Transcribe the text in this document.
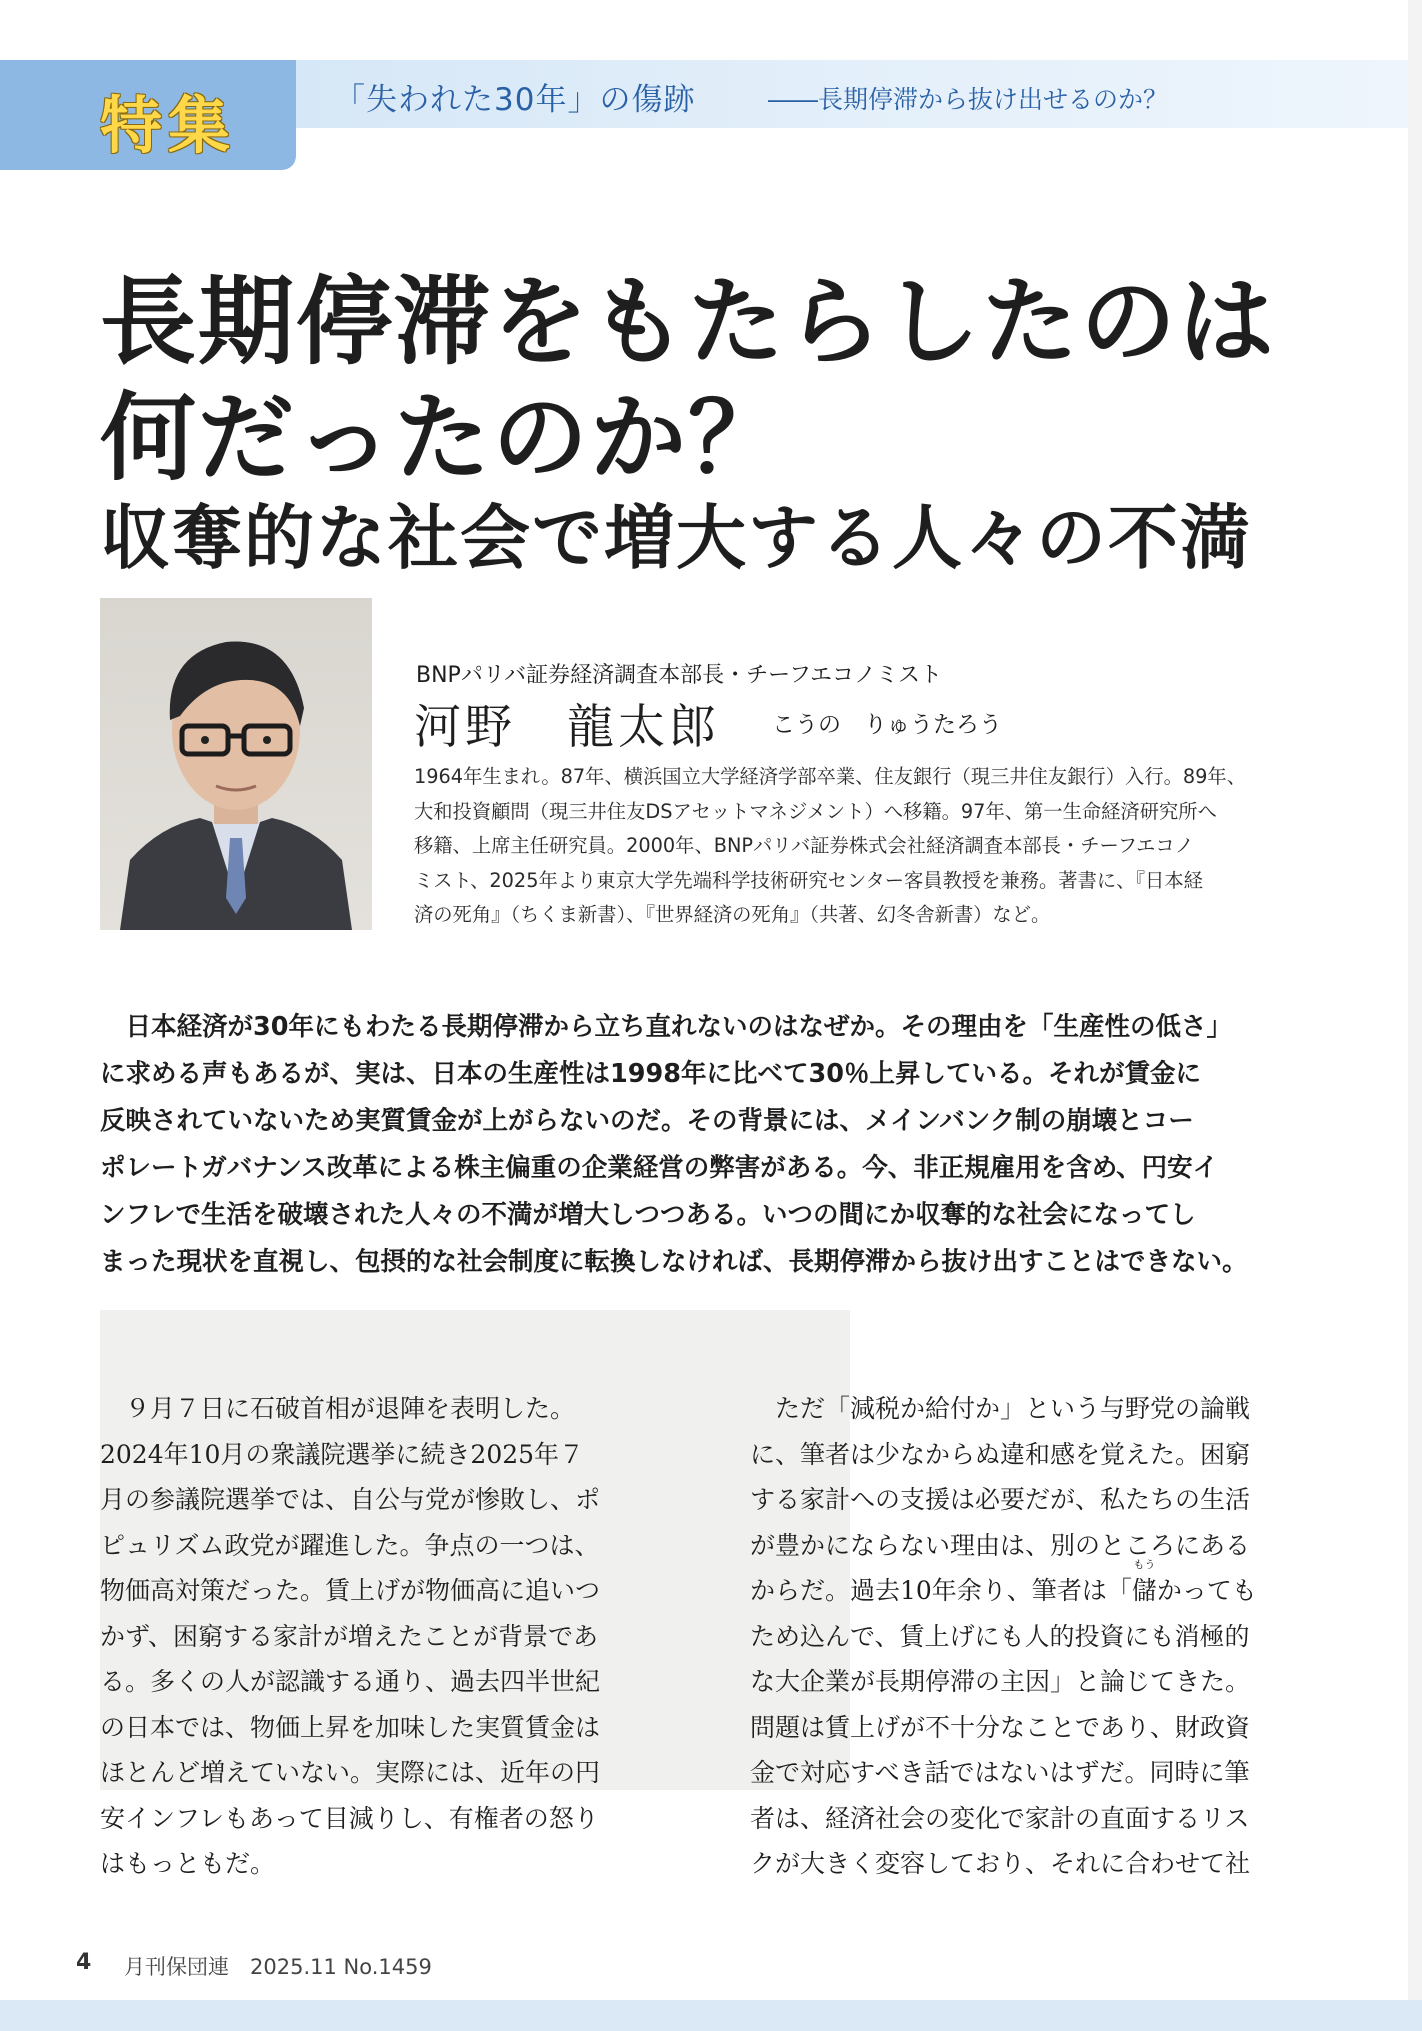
特集	「失われた30年」の傷跡	――長期停滞から抜け出せるのか？
長期停滞をもたらしたのは
何だったのか？
収奪的な社会で増大する人々の不満
BNPパリバ証券経済調査本部長・チーフエコノミスト
河野　龍太郎 こうの　りゅうたろう
1964年生まれ。87年、横浜国立大学経済学部卒業、住友銀行（現三井住友銀行）入行。89年、
大和投資顧問（現三井住友DSアセットマネジメント）へ移籍。97年、第一生命経済研究所へ
移籍、上席主任研究員。2000年、BNPパリバ証券株式会社経済調査本部長・チーフエコノ
ミスト、2025年より東京大学先端科学技術研究センター客員教授を兼務。著書に、『日本経
済の死角』（ちくま新書）、『世界経済の死角』（共著、幻冬舎新書）など。
　日本経済が30年にもわたる長期停滞から立ち直れないのはなぜか。その理由を「生産性の低さ」
に求める声もあるが、実は、日本の生産性は1998年に比べて30％上昇している。それが賃金に
反映されていないため実質賃金が上がらないのだ。その背景には、メインバンク制の崩壊とコー
ポレートガバナンス改革による株主偏重の企業経営の弊害がある。今、非正規雇用を含め、円安イ
ンフレで生活を破壊された人々の不満が増大しつつある。いつの間にか収奪的な社会になってし
まった現状を直視し、包摂的な社会制度に転換しなければ、長期停滞から抜け出すことはできない。
　９月７日に石破首相が退陣を表明した。
2024年10月の衆議院選挙に続き2025年７
月の参議院選挙では、自公与党が惨敗し、ポ
ピュリズム政党が躍進した。争点の一つは、
物価高対策だった。賃上げが物価高に追いつ
かず、困窮する家計が増えたことが背景であ
る。多くの人が認識する通り、過去四半世紀
の日本では、物価上昇を加味した実質賃金は
ほとんど増えていない。実際には、近年の円
安インフレもあって目減りし、有権者の怒り
はもっともだ。
　ただ「減税か給付か」という与野党の論戦
に、筆者は少なからぬ違和感を覚えた。困窮
する家計への支援は必要だが、私たちの生活
が豊かにならない理由は、別のところにある
からだ。過去10年余り、筆者は「儲
もう
かっても
ため込んで、賃上げにも人的投資にも消極的
な大企業が長期停滞の主因」と論じてきた。
問題は賃上げが不十分なことであり、財政資
金で対応すべき話ではないはずだ。同時に筆
者は、経済社会の変化で家計の直面するリス
クが大きく変容しており、それに合わせて社
4 月刊保団連　2025.11 No.1459
